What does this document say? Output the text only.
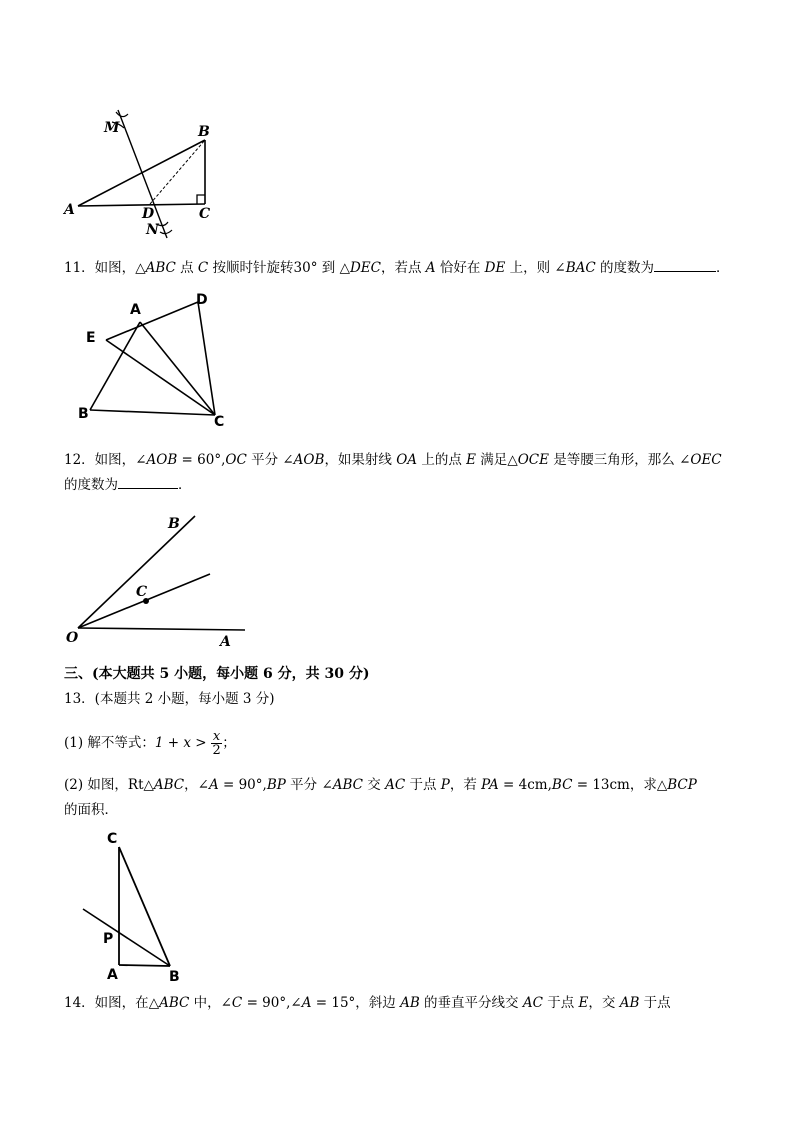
M	B
A	D	C
N
11．如图，△ABC 点 C 按顺时针旋转30° 到 △DEC，若点 A 恰好在 DE 上，则 ∠BAC 的度数为	．
A
D
E
B	C
12．如图，∠AOB = 60°,OC 平分 ∠AOB，如果射线 OA 上的点 E 满足△OCE 是等腰三角形，那么 ∠OEC
的度数为	．
B
C
O	A
三、(本大题共 5 小题，每小题 6 分，共 30 分)
13．(本题共 2 小题，每小题 3 分)
(1) 解不等式：$1 + x > \frac{x}{2}$ ；
(2) 如图，Rt△ABC，∠A = 90°,BP 平分 ∠ABC 交 AC 于点 P，若 PA = 4cm,BC = 13cm，求△BCP
的面积．
C
P
A	B
14．如图，在△ABC 中，∠C = 90°,∠A = 15°，斜边 AB 的垂直平分线交 AC 于点 E，交 AB 于点
